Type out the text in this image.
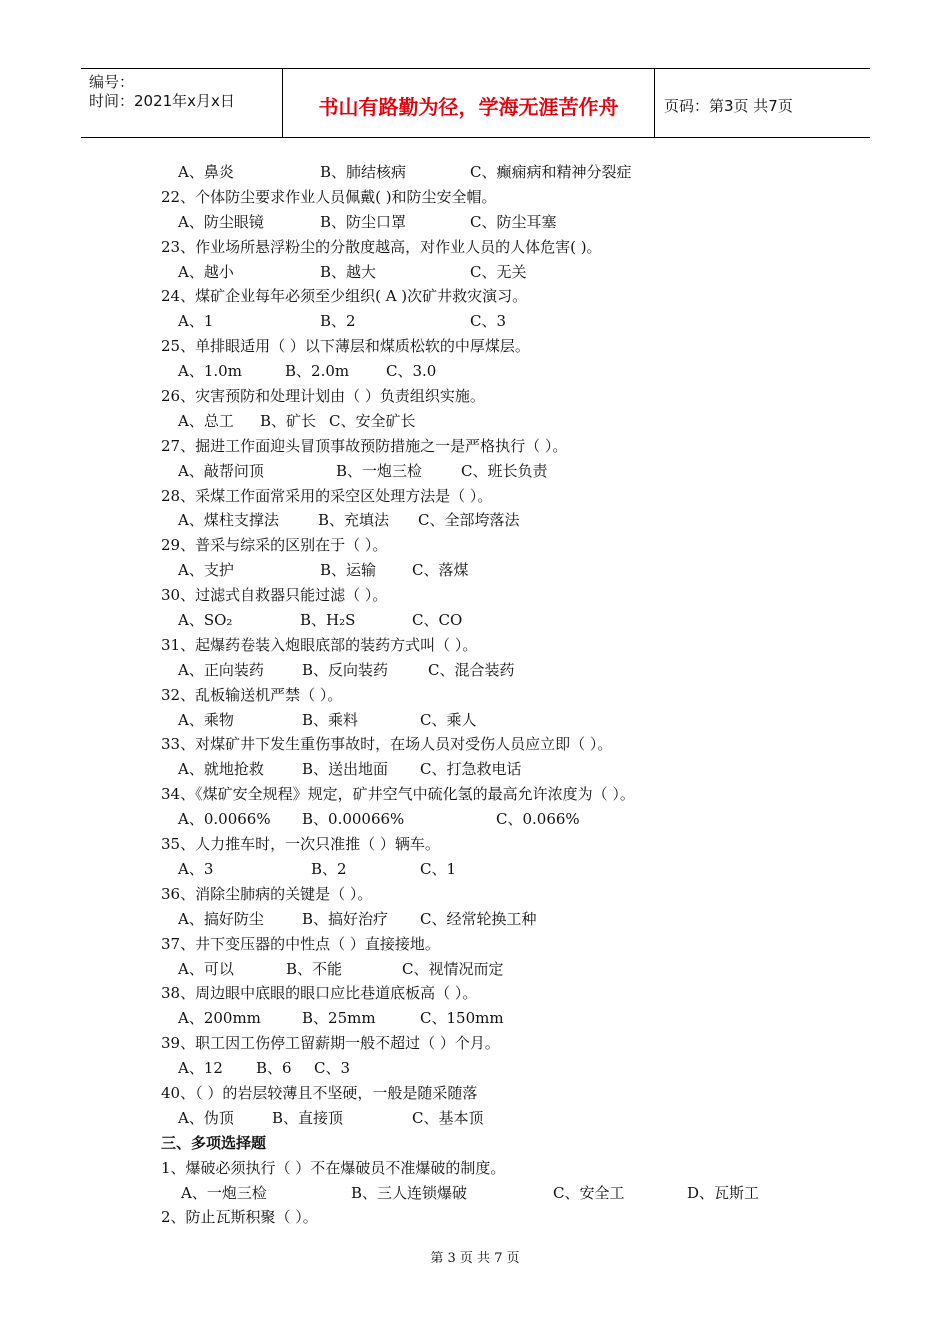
编号：
时间：2021年x月x日	书山有路勤为径，学海无涯苦作舟	页码：第3页 共7页
A、鼻炎	B、肺结核病	C、癫痫病和精神分裂症
22、个体防尘要求作业人员佩戴( )和防尘安全帽。
A、防尘眼镜	B、防尘口罩	C、防尘耳塞
23、作业场所悬浮粉尘的分散度越高，对作业人员的人体危害( )。
A、越小	B、越大	C、无关
24、煤矿企业每年必须至少组织( A )次矿井救灾演习。
A、1	B、2	C、3
25、单排眼适用（ ）以下薄层和煤质松软的中厚煤层。
A、1.0m	B、2.0m C、3.0
26、灾害预防和处理计划由（ ）负责组织实施。
A、总工 B、矿长 C、安全矿长
27、掘进工作面迎头冒顶事故预防措施之一是严格执行（ ）。
A、敲帮问顶	B、一炮三检	C、班长负责
28、采煤工作面常采用的采空区处理方法是（ ）。
A、煤柱支撑法	B、充填法 C、全部垮落法
29、普采与综采的区别在于（ ）。
A、支护	B、运输 C、落煤
30、过滤式自救器只能过滤（ ）。
A、SO₂	B、H₂S	C、CO
31、起爆药卷装入炮眼底部的装药方式叫（ ）。
A、正向装药	B、反向装药	C、混合装药
32、乱板输送机严禁（ ）。
A、乘物	B、乘料	C、乘人
33、对煤矿井下发生重伤事故时，在场人员对受伤人员应立即（ ）。
A、就地抢救	B、送出地面 C、打急救电话
34、《煤矿安全规程》规定，矿井空气中硫化氢的最高允许浓度为（ ）。
A、0.0066% B、0.00066%	C、0.066%
35、人力推车时，一次只准推（ ）辆车。
A、3	B、2	C、1
36、消除尘肺病的关键是（ ）。
A、搞好防尘	B、搞好治疗 C、经常轮换工种
37、井下变压器的中性点（ ）直接接地。
A、可以	B、不能	C、视情况而定
38、周边眼中底眼的眼口应比巷道底板高（ ）。
A、200mm	B、25mm	C、150mm
39、职工因工伤停工留薪期一般不超过（ ）个月。
A、12 B、6 C、3
40、（ ）的岩层较薄且不坚硬，一般是随采随落
A、伪顶	B、直接顶	C、基本顶
三、多项选择题
1、爆破必须执行（ ）不在爆破员不准爆破的制度。
A、一炮三检	B、三人连锁爆破	C、安全工	D、瓦斯工
2、防止瓦斯积聚（ ）。
第 3 页 共 7 页
